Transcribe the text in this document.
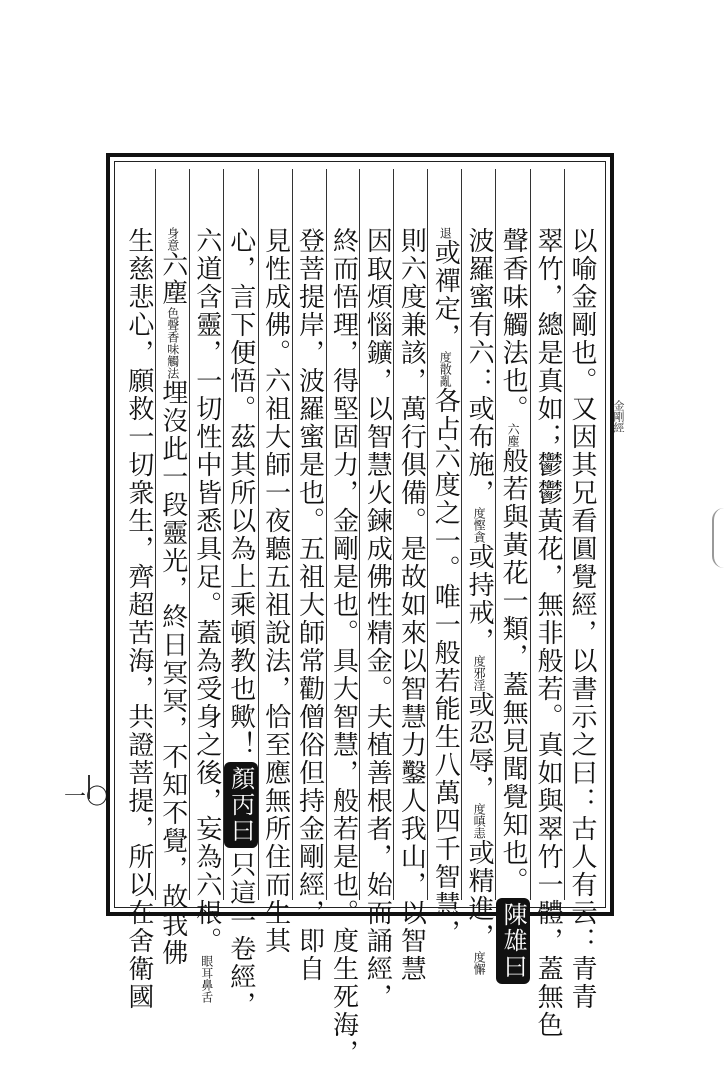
金剛經
一〇	以喻金剛也。又因其兄看圓覺經，以書示之曰：古人有云：青青
翠竹，總是真如；鬱鬱黃花，無非般若。真如與翠竹一體，蓋無色
聲香味觸法也。六塵般若與黃花一類，蓋無見聞覺知也。陳雄曰
波羅蜜有六：或布施，度慳貪或持戒，度邪淫或忍辱，度嗔恚或精進，度懈
退或禪定，度散亂各占六度之一。唯一般若能生八萬四千智慧，
則六度兼該，萬行俱備。是故如來以智慧力鑿人我山，以智慧
因取煩惱鑛，以智慧火鍊成佛性精金。夫植善根者，始而誦經，
終而悟理，得堅固力，金剛是也。具大智慧，般若是也。度生死海，
登菩提岸，波羅蜜是也。五祖大師常勸僧俗但持金剛經，即自
見性成佛。六祖大師一夜聽五祖說法，恰至應無所住而生其
心，言下便悟。茲其所以為上乘頓教也歟！顏丙曰只這一卷經，
六道含靈，一切性中皆悉具足。蓋為受身之後，妄為六根。眼耳鼻舌
身意六塵色聲香味觸法埋沒此一段靈光，終日冥冥，不知不覺，故我佛
生慈悲心，願救一切衆生，齊超苦海，共證菩提，所以在舍衛國
